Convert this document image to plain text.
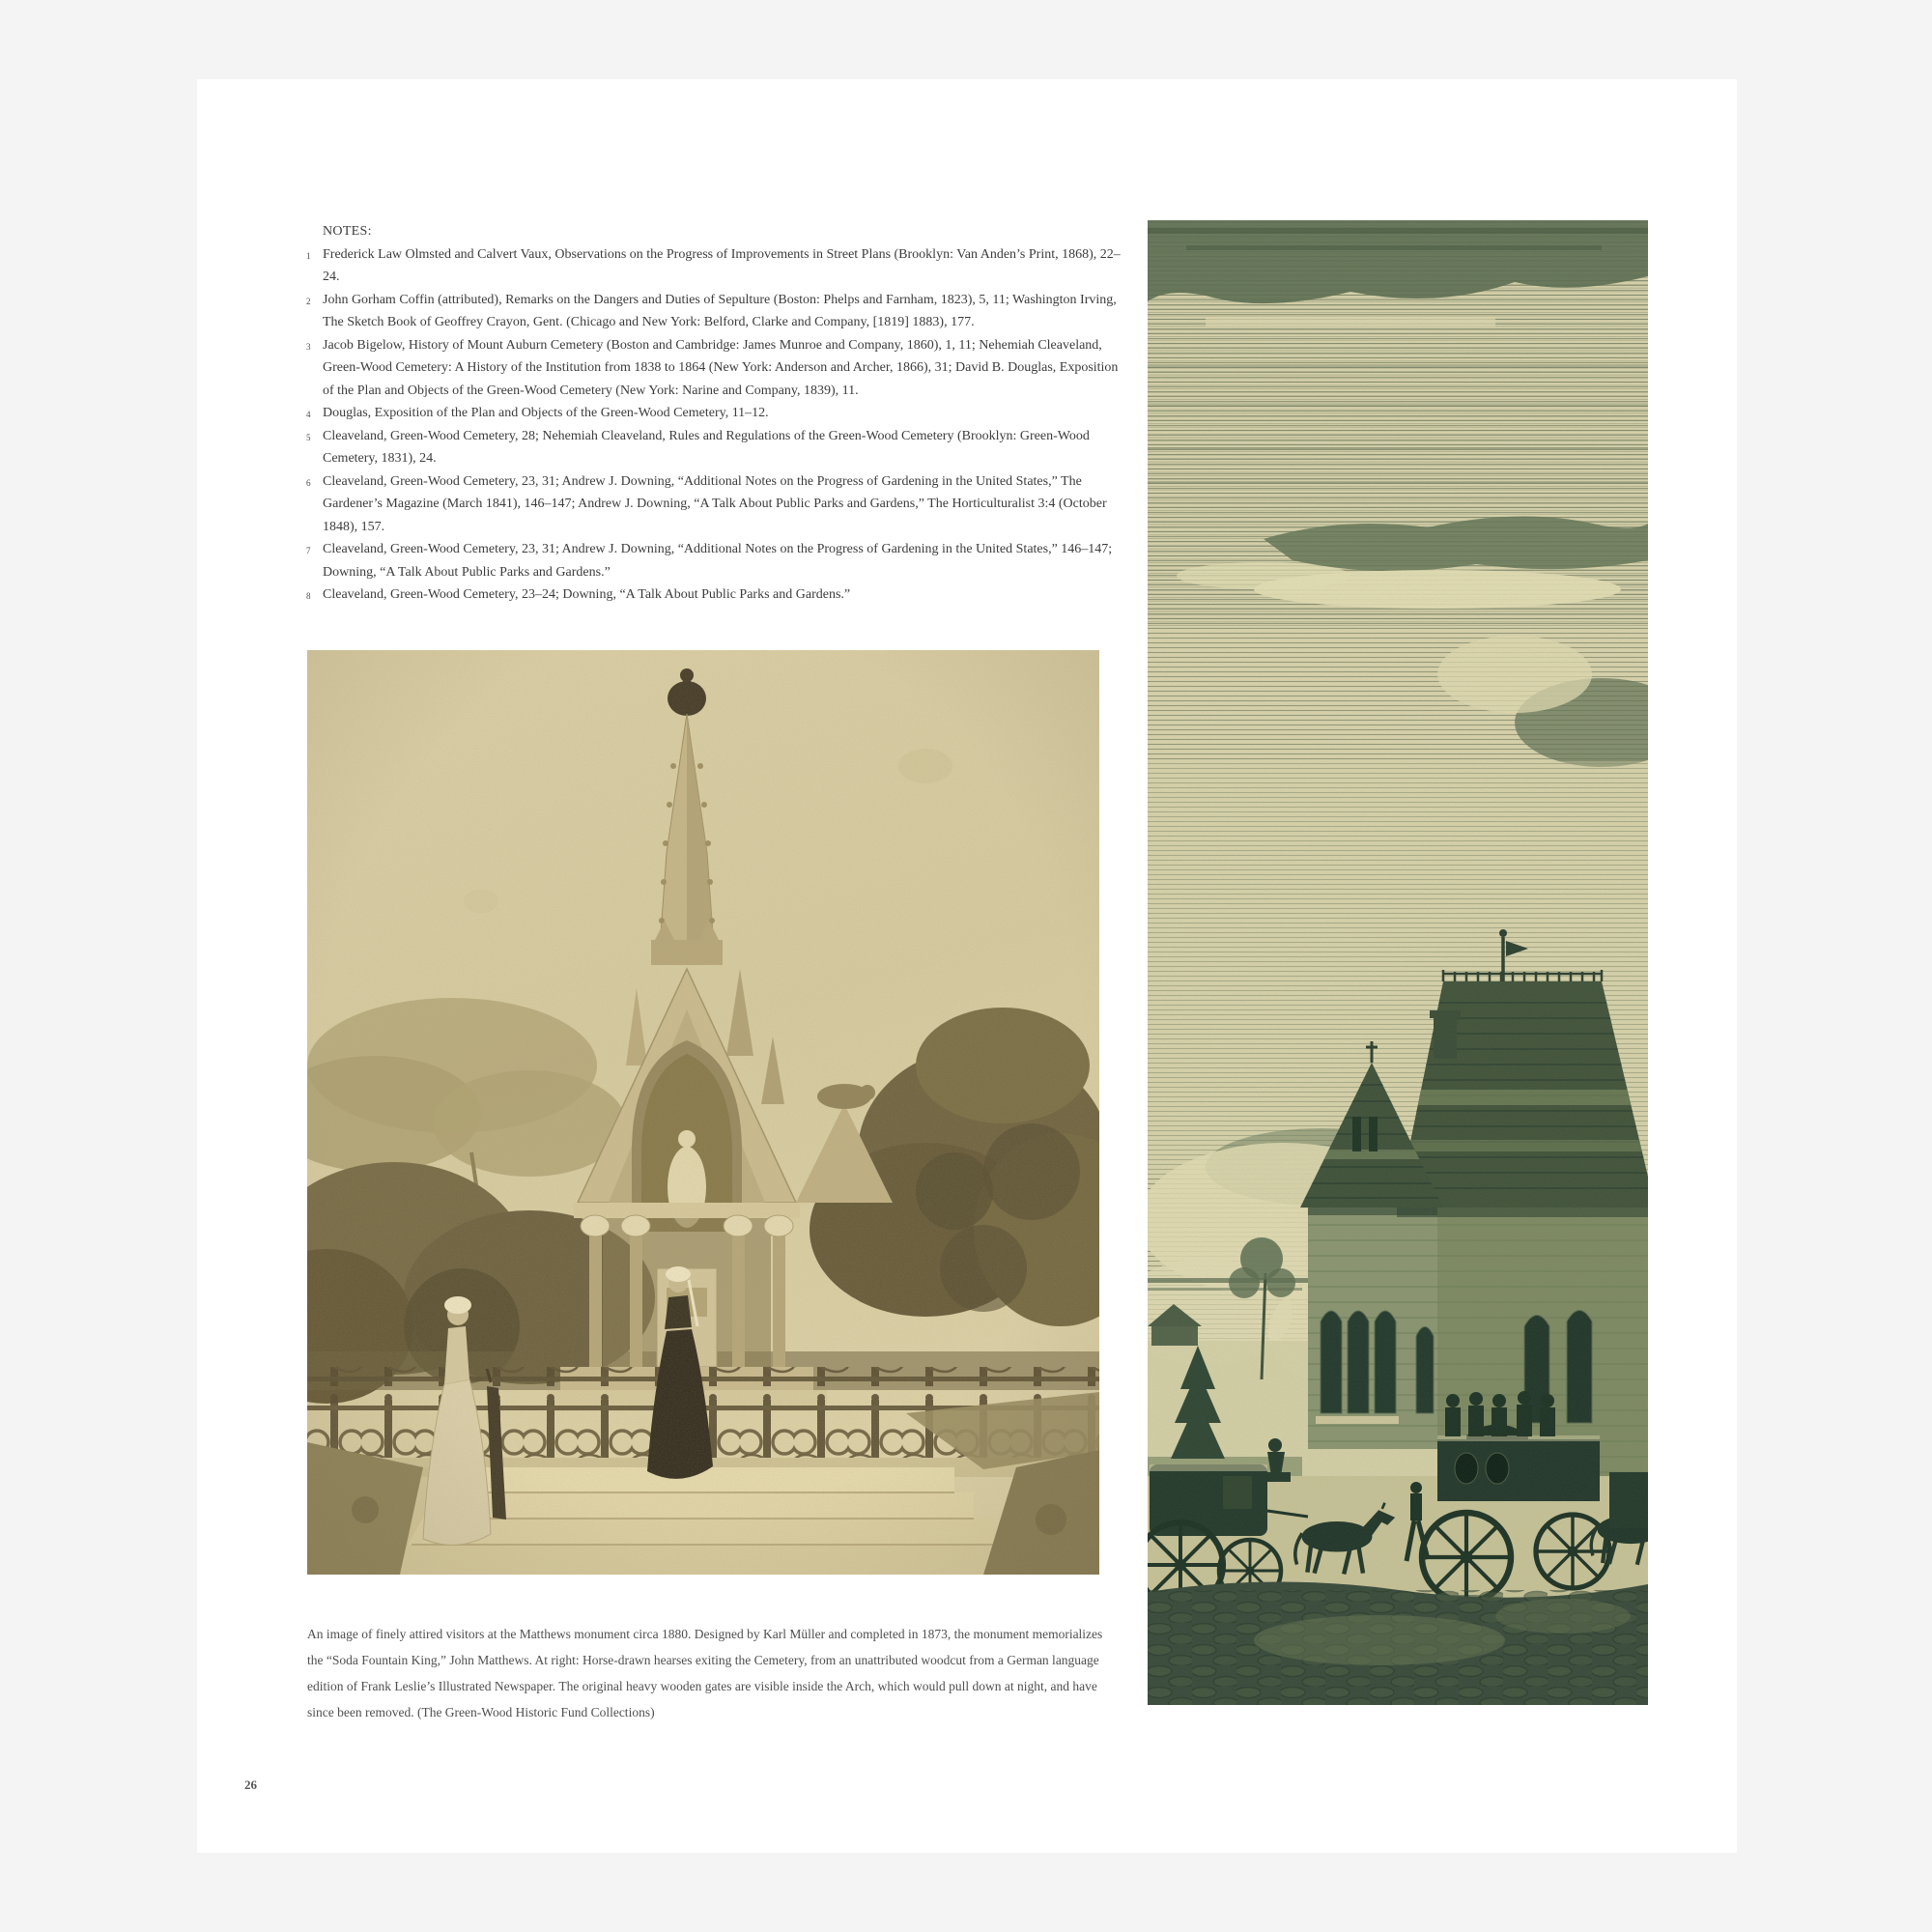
NOTES:

1 Frederick Law Olmsted and Calvert Vaux, Observations on the Progress of Improvements in Street Plans (Brooklyn: Van Anden’s Print, 1868), 22–24.
2 John Gorham Coffin (attributed), Remarks on the Dangers and Duties of Sepulture (Boston: Phelps and Farnham, 1823), 5, 11; Washington Irving, The Sketch Book of Geoffrey Crayon, Gent. (Chicago and New York: Belford, Clarke and Company, [1819] 1883), 177.
3 Jacob Bigelow, History of Mount Auburn Cemetery (Boston and Cambridge: James Munroe and Company, 1860), 1, 11; Nehemiah Cleaveland, Green-Wood Cemetery: A History of the Institution from 1838 to 1864 (New York: Anderson and Archer, 1866), 31; David B. Douglas, Exposition of the Plan and Objects of the Green-Wood Cemetery (New York: Narine and Company, 1839), 11.
4 Douglas, Exposition of the Plan and Objects of the Green-Wood Cemetery, 11–12.
5 Cleaveland, Green-Wood Cemetery, 28; Nehemiah Cleaveland, Rules and Regulations of the Green-Wood Cemetery (Brooklyn: Green-Wood Cemetery, 1831), 24.
6 Cleaveland, Green-Wood Cemetery, 23, 31; Andrew J. Downing, “Additional Notes on the Progress of Gardening in the United States,” The Gardener’s Magazine (March 1841), 146–147; Andrew J. Downing, “A Talk About Public Parks and Gardens,” The Horticulturalist 3:4 (October 1848), 157.
7 Cleaveland, Green-Wood Cemetery, 23, 31; Andrew J. Downing, “Additional Notes on the Progress of Gardening in the United States,” 146–147; Downing, “A Talk About Public Parks and Gardens.”
8 Cleaveland, Green-Wood Cemetery, 23–24; Downing, “A Talk About Public Parks and Gardens.”

An image of finely attired visitors at the Matthews monument circa 1880. Designed by Karl Müller and completed in 1873, the monument memorializes the “Soda Fountain King,” John Matthews. At right: Horse-drawn hearses exiting the Cemetery, from an unattributed woodcut from a German language edition of Frank Leslie’s Illustrated Newspaper. The original heavy wooden gates are visible inside the Arch, which would pull down at night, and have since been removed. (The Green-Wood Historic Fund Collections)

26
